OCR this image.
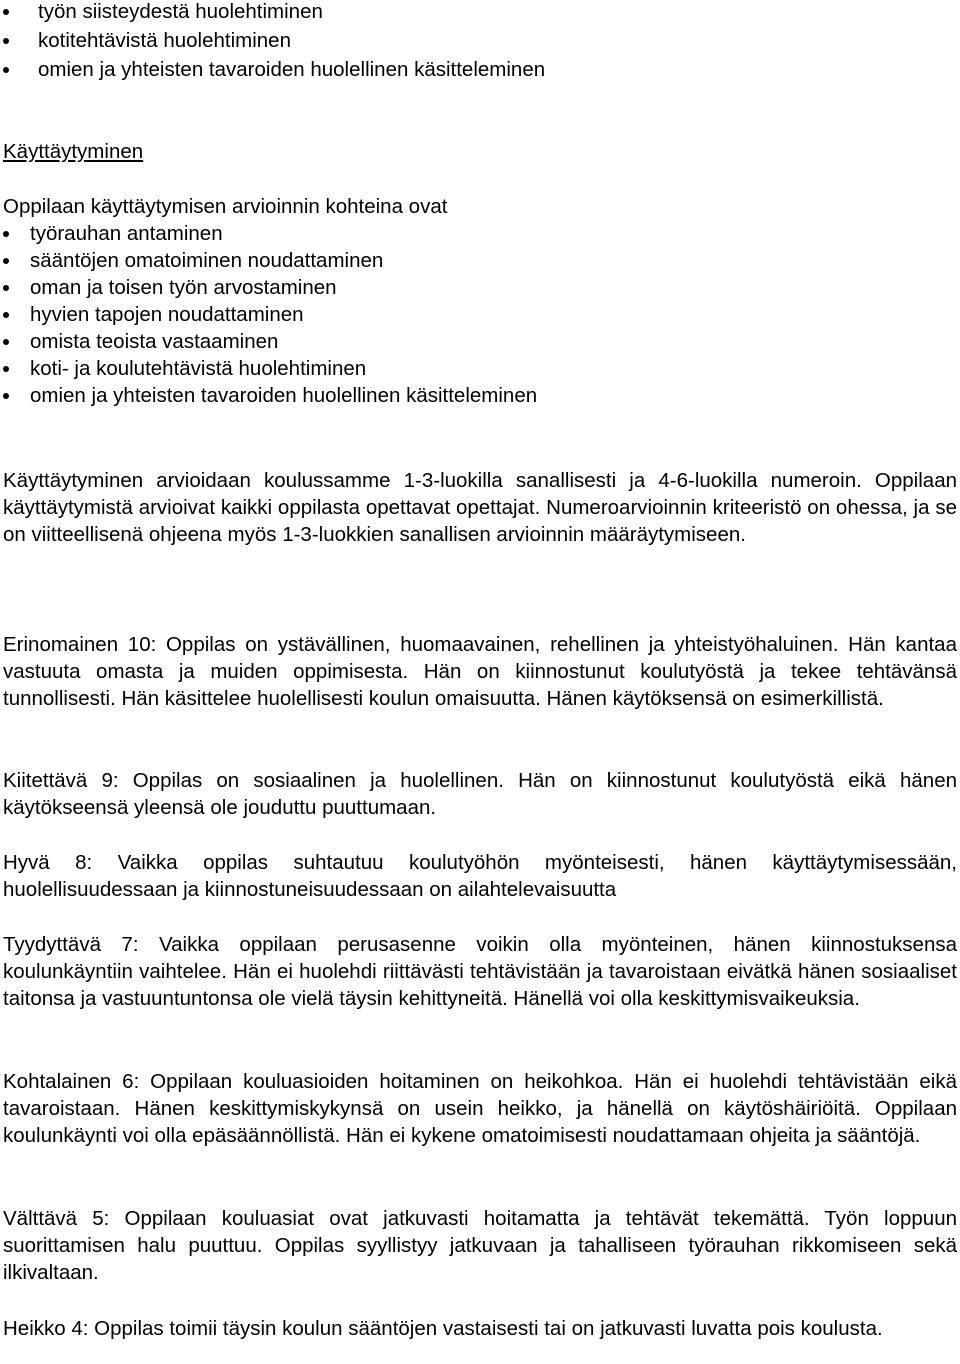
työn siisteydestä huolehtiminen
kotitehtävistä huolehtiminen
omien ja yhteisten tavaroiden huolellinen käsitteleminen
Käyttäytyminen
Oppilaan käyttäytymisen arvioinnin kohteina ovat
työrauhan antaminen
sääntöjen omatoiminen noudattaminen
oman ja toisen työn arvostaminen
hyvien tapojen noudattaminen
omista teoista vastaaminen
koti- ja koulutehtävistä huolehtiminen
omien ja yhteisten tavaroiden huolellinen käsitteleminen

Käyttäytyminen arvioidaan koulussamme 1-3-luokilla sanallisesti ja 4-6-luokilla numeroin. Oppilaan käyttäytymistä arvioivat kaikki oppilasta opettavat opettajat. Numeroarvioinnin kriteeristö on ohessa, ja se on viitteellisenä ohjeena myös 1-3-luokkien sanallisen arvioinnin määräytymiseen.

Erinomainen 10: Oppilas on ystävällinen, huomaavainen, rehellinen ja yhteistyöhaluinen. Hän kantaa vastuuta omasta ja muiden oppimisesta. Hän on kiinnostunut koulutyöstä ja tekee tehtävänsä tunnollisesti. Hän käsittelee huolellisesti koulun omaisuutta. Hänen käytöksensä on esimerkillistä.

Kiitettävä 9: Oppilas on sosiaalinen ja huolellinen. Hän on kiinnostunut koulutyöstä eikä hänen käytökseensä yleensä ole jouduttu puuttumaan.

Hyvä 8: Vaikka oppilas suhtautuu koulutyöhön myönteisesti, hänen käyttäytymisessään, huolellisuudessaan ja kiinnostuneisuudessaan on ailahtelevaisuutta

Tyydyttävä 7: Vaikka oppilaan perusasenne voikin olla myönteinen, hänen kiinnostuksensa koulunkäyntiin vaihtelee. Hän ei huolehdi riittävästi tehtävistään ja tavaroistaan eivätkä hänen sosiaaliset taitonsa ja vastuuntuntonsa ole vielä täysin kehittyneitä. Hänellä voi olla keskittymisvaikeuksia.

Kohtalainen 6: Oppilaan kouluasioiden hoitaminen on heikohkoa. Hän ei huolehdi tehtävistään eikä tavaroistaan. Hänen keskittymiskykynsä on usein heikko, ja hänellä on käytöshäiriöitä. Oppilaan koulunkäynti voi olla epäsäännöllistä. Hän ei kykene omatoimisesti noudattamaan ohjeita ja sääntöjä.

Välttävä 5: Oppilaan kouluasiat ovat jatkuvasti hoitamatta ja tehtävät tekemättä. Työn loppuun suorittamisen halu puuttuu. Oppilas syyllistyy jatkuvaan ja tahalliseen työrauhan rikkomiseen sekä ilkivaltaan.

Heikko 4: Oppilas toimii täysin koulun sääntöjen vastaisesti tai on jatkuvasti luvatta pois koulusta.
